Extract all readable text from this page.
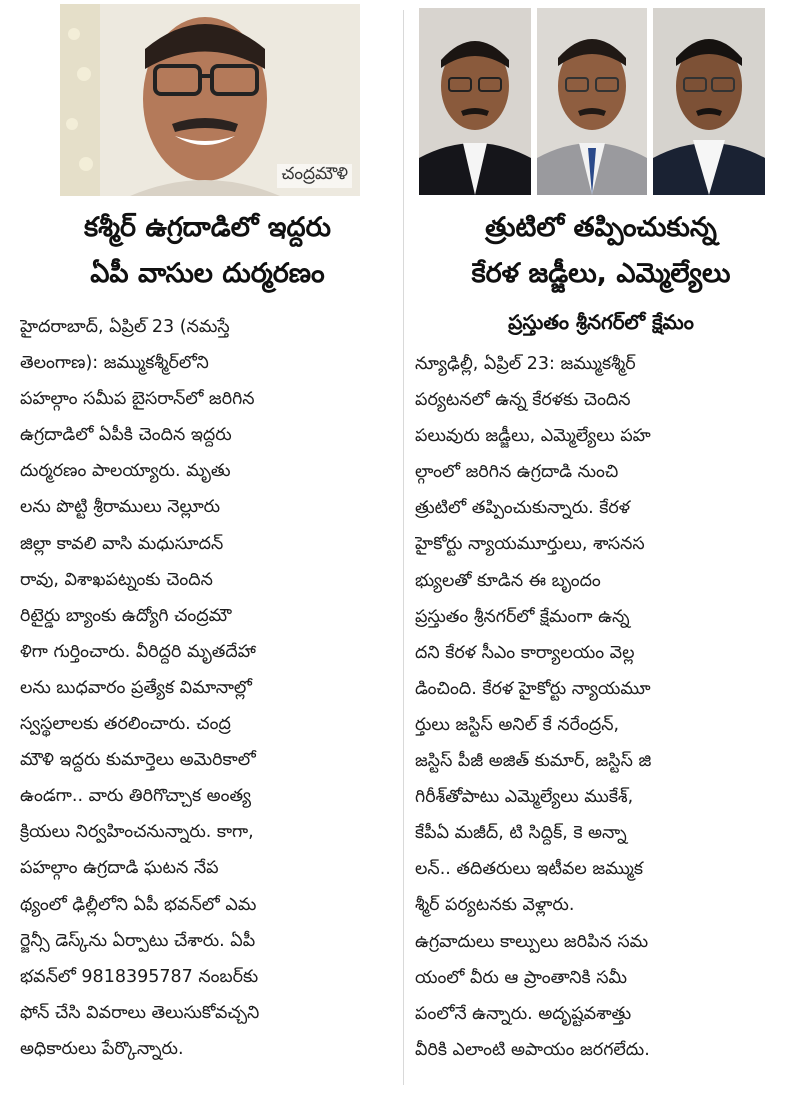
చంద్రమౌళి
కశ్మీర్ ఉగ్రదాడిలో ఇద్దరు
ఏపీ వాసుల దుర్మరణం
హైదరాబాద్, ఏప్రిల్ 23 (నమస్తే
తెలంగాణ): జమ్ముకశ్మీర్‌లోని
పహల్గాం సమీప బైసరాన్‌లో జరిగిన
ఉగ్రదాడిలో ఏపీకి చెందిన ఇద్దరు
దుర్మరణం పాలయ్యారు. మృతు
లను పొట్టి శ్రీరాములు నెల్లూరు
జిల్లా కావలి వాసి మధుసూదన్
రావు, విశాఖపట్నంకు చెందిన
రిటైర్డు బ్యాంకు ఉద్యోగి చంద్రమౌ
ళిగా గుర్తించారు. వీరిద్దరి మృతదేహా
లను బుధవారం ప్రత్యేక విమానాల్లో
స్వస్థలాలకు తరలించారు. చంద్ర
మౌళి ఇద్దరు కుమార్తెలు అమెరికాలో
ఉండగా.. వారు తిరిగొచ్చాక అంత్య
క్రియలు నిర్వహించనున్నారు. కాగా,
పహల్గాం ఉగ్రదాడి ఘటన నేప
థ్యంలో ఢిల్లీలోని ఏపీ భవన్‌లో ఎమ
ర్జెన్సీ డెస్క్‌ను ఏర్పాటు చేశారు. ఏపీ
భవన్‌లో 9818395787 నంబర్‌కు
ఫోన్ చేసి వివరాలు తెలుసుకోవచ్చని
అధికారులు పేర్కొన్నారు.
త్రుటిలో తప్పించుకున్న
కేరళ జడ్జీలు, ఎమ్మెల్యేలు
ప్రస్తుతం శ్రీనగర్‌లో క్షేమం
న్యూఢిల్లీ, ఏప్రిల్ 23: జమ్ముకశ్మీర్
పర్యటనలో ఉన్న కేరళకు చెందిన
పలువురు జడ్జీలు, ఎమ్మెల్యేలు పహ
ల్గాంలో జరిగిన ఉగ్రదాడి నుంచి
త్రుటిలో తప్పించుకున్నారు. కేరళ
హైకోర్టు న్యాయమూర్తులు, శాసనస
భ్యులతో కూడిన ఈ బృందం
ప్రస్తుతం శ్రీనగర్‌లో క్షేమంగా ఉన్న
దని కేరళ సీఎం కార్యాలయం వెల్ల
డించింది. కేరళ హైకోర్టు న్యాయమూ
ర్తులు జస్టిస్ అనిల్ కే నరేంద్రన్,
జస్టిస్ పీజీ అజిత్ కుమార్, జస్టిస్ జి
గిరీశ్‌తోపాటు ఎమ్మెల్యేలు ముకేశ్,
కేపీఏ మజీద్, టి సిద్దిక్, కె అన్నా
లన్.. తదితరులు ఇటీవల జమ్ముక
శ్మీర్ పర్యటనకు వెళ్లారు.
ఉగ్రవాదులు కాల్పులు జరిపిన సమ
యంలో వీరు ఆ ప్రాంతానికి సమీ
పంలోనే ఉన్నారు. అదృష్టవశాత్తు
వీరికి ఎలాంటి అపాయం జరగలేదు.
